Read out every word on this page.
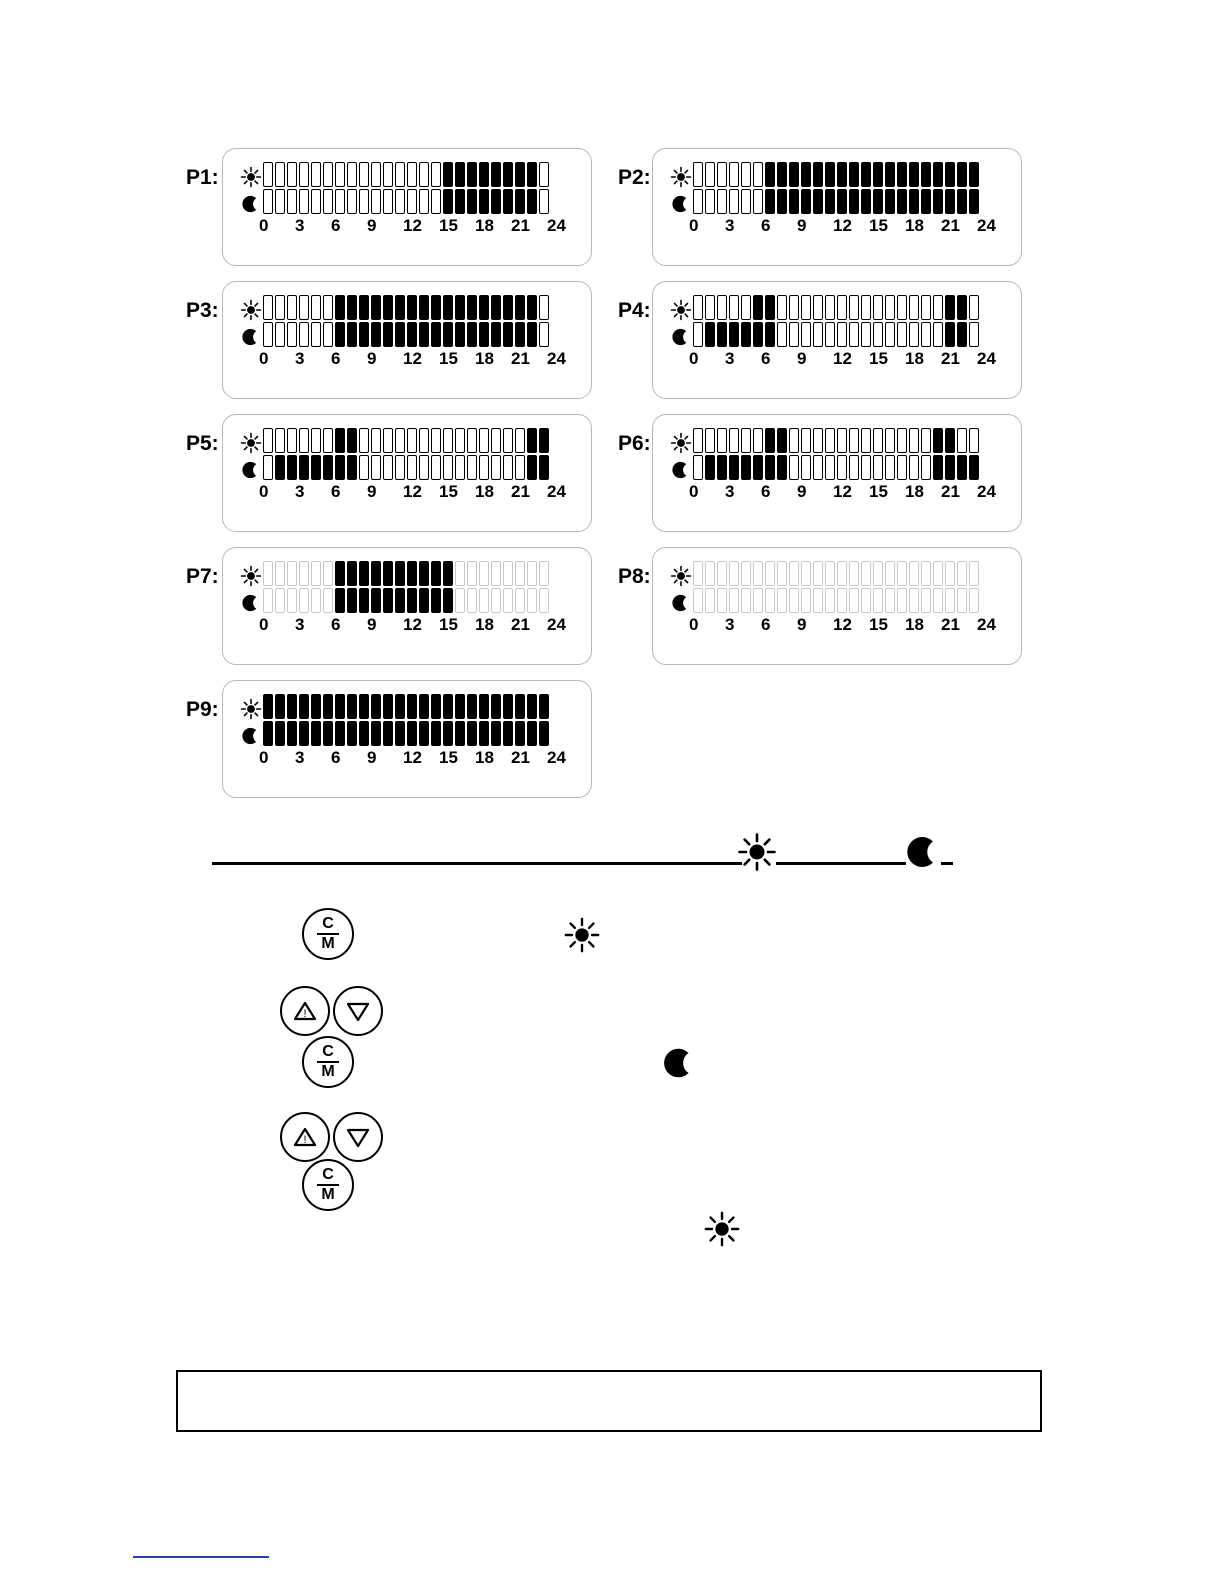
P1:
0	3	6	9	12	15	18	21	24
P2:
0	3	6	9	12	15	18	21	24
P3:
0	3	6	9	12	15	18	21	24
P4:
0	3	6	9	12	15	18	21	24
P5:
0	3	6	9	12	15	18	21	24
P6:
0	3	6	9	12	15	18	21	24
P7:
0	3	6	9	12	15	18	21	24
P8:
0	3	6	9	12	15	18	21	24
P9:
0	3	6	9	12	15	18	21	24
C
M
!
C
M
!
C
M
